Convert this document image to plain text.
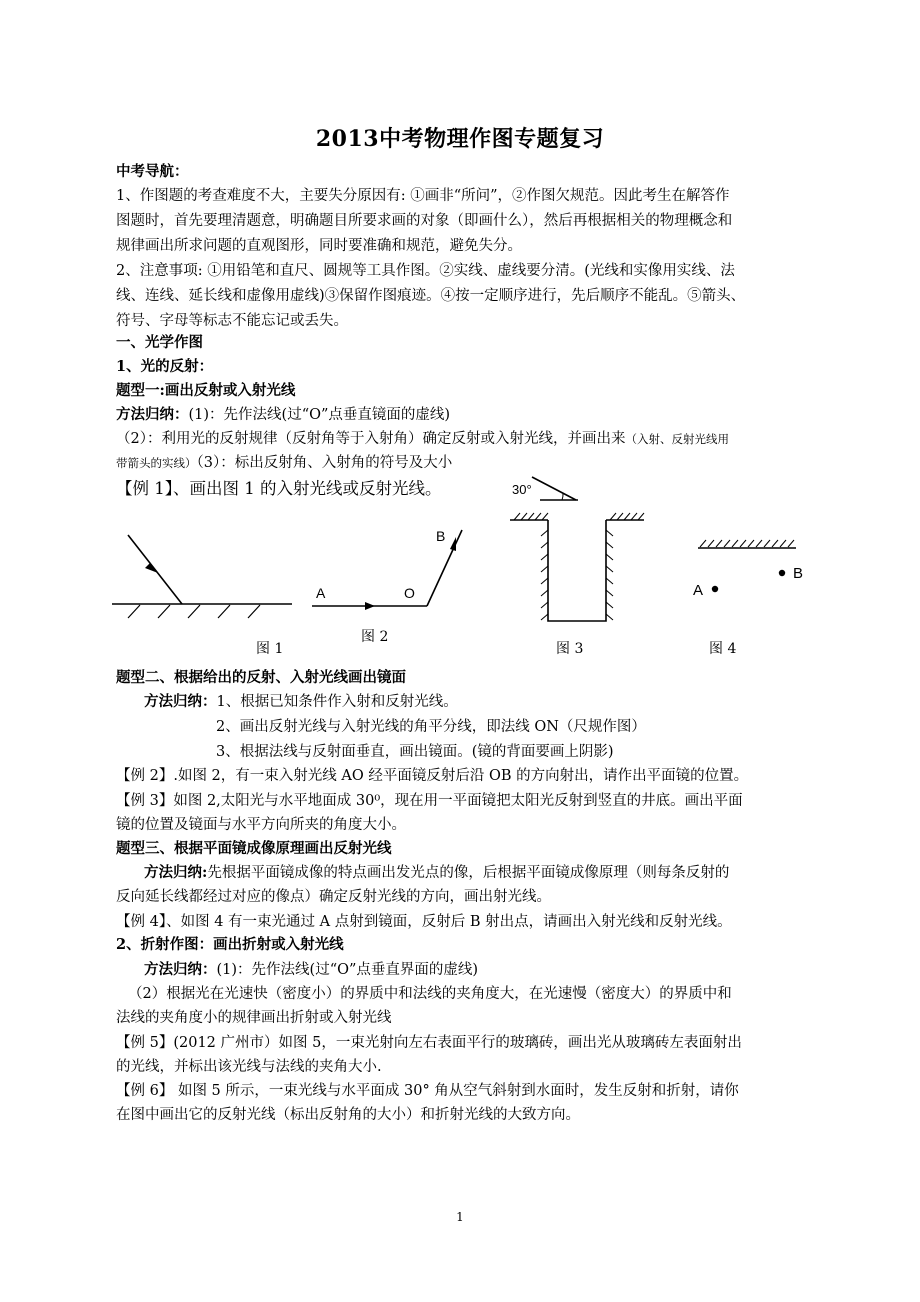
2013中考物理作图专题复习
中考导航：
1、作图题的考查难度不大，主要失分原因有: ①画非“所问”，②作图欠规范。因此考生在解答作
图题时，首先要理清题意，明确题目所要求画的对象（即画什么），然后再根据相关的物理概念和
规律画出所求问题的直观图形，同时要准确和规范，避免失分。
2、注意事项: ①用铅笔和直尺、圆规等工具作图。②实线、虚线要分清。(光线和实像用实线、法
线、连线、延长线和虚像用虚线)③保留作图痕迹。④按一定顺序进行，先后顺序不能乱。⑤箭头、
符号、字母等标志不能忘记或丢失。
一、光学作图
1、光的反射：
题型一:画出反射或入射光线
方法归纳：(1)：先作法线(过“O”点垂直镜面的虚线)
（2）：利用光的反射规律（反射角等于入射角）确定反射或入射光线，并画出来（入射、反射光线用
带箭头的实线）（3）：标出反射角、入射角的符号及大小
【例 1】、画出图 1 的入射光线或反射光线。
A	O
B
30°
A
B
图 1
图 2
图 3	图 4
题型二、根据给出的反射、入射光线画出镜面
方法归纳：1、根据已知条件作入射和反射光线。
2、画出反射光线与入射光线的角平分线，即法线 ON（尺规作图）
3、根据法线与反射面垂直，画出镜面。(镜的背面要画上阴影)
【例 2】.如图 2，有一束入射光线 AO 经平面镜反射后沿 OB 的方向射出，请作出平面镜的位置。
【例 3】如图 2,太阳光与水平地面成 30⁰，现在用一平面镜把太阳光反射到竖直的井底。画出平面
镜的位置及镜面与水平方向所夹的角度大小。
题型三、根据平面镜成像原理画出反射光线
方法归纳:先根据平面镜成像的特点画出发光点的像，后根据平面镜成像原理（则每条反射的
反向延长线都经过对应的像点）确定反射光线的方向，画出射光线。
【例 4】、如图 4 有一束光通过 A 点射到镜面，反射后 B 射出点，请画出入射光线和反射光线。
2、折射作图：画出折射或入射光线
方法归纳：(1)：先作法线(过“O”点垂直界面的虚线)
（2）根据光在光速快（密度小）的界质中和法线的夹角度大，在光速慢（密度大）的界质中和
法线的夹角度小的规律画出折射或入射光线
【例 5】(2012 广州市）如图 5，一束光射向左右表面平行的玻璃砖，画出光从玻璃砖左表面射出
的光线，并标出该光线与法线的夹角大小.
【例 6】 如图 5 所示，一束光线与水平面成 30° 角从空气斜射到水面时，发生反射和折射，请你
在图中画出它的反射光线（标出反射角的大小）和折射光线的大致方向。
1
